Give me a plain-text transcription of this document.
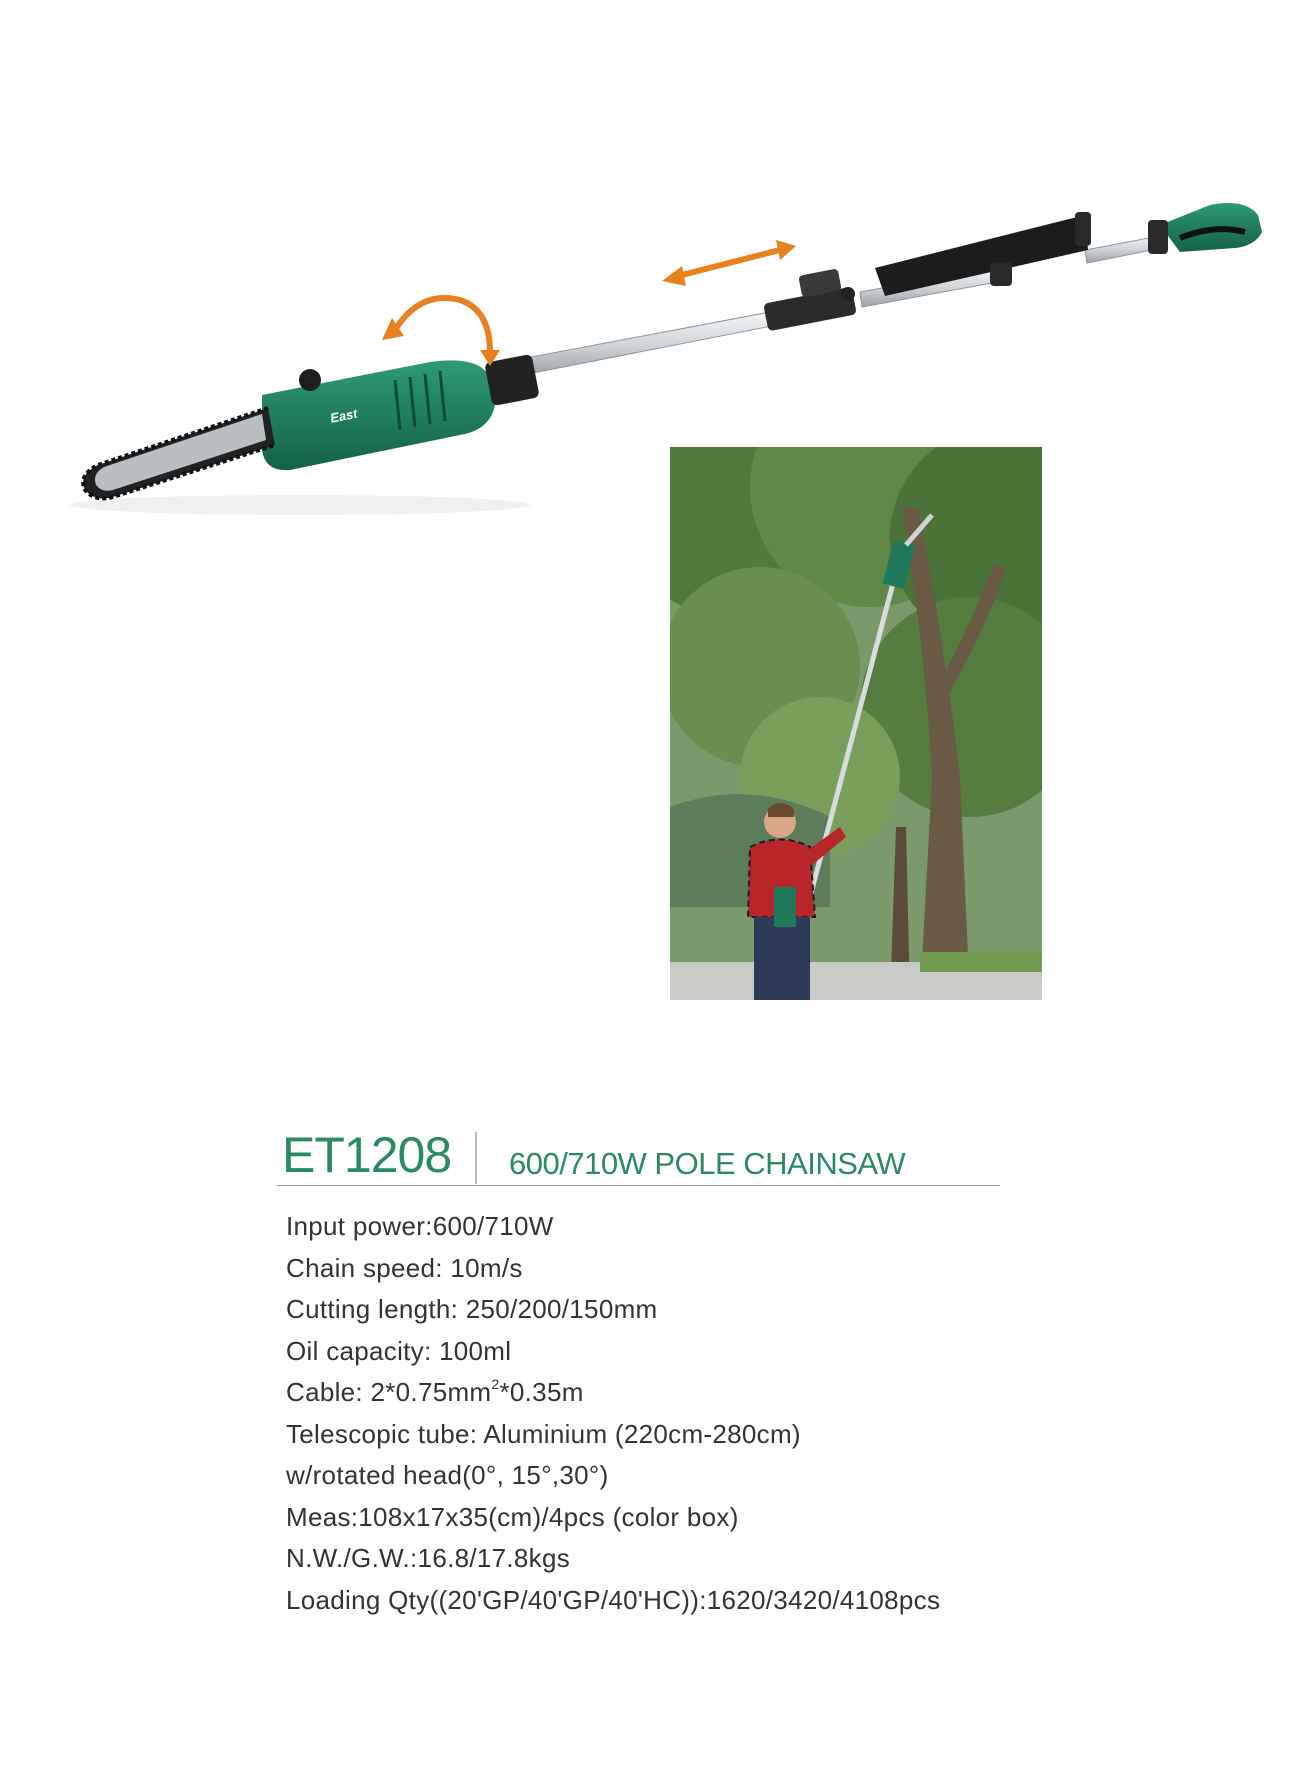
East
ET1208 600/710W POLE CHAINSAW
Input power:600/710W
Chain speed: 10m/s
Cutting length: 250/200/150mm
Oil capacity: 100ml
Cable: $2*0.75mm^2*0.35m$
Telescopic tube: Aluminium (220cm-280cm)
w/rotated head(0°, 15°,30°)
Meas:108x17x35(cm)/4pcs (color box)
N.W./G.W.:16.8/17.8kgs
Loading Qty((20'GP/40'GP/40'HC)):1620/3420/4108pcs
